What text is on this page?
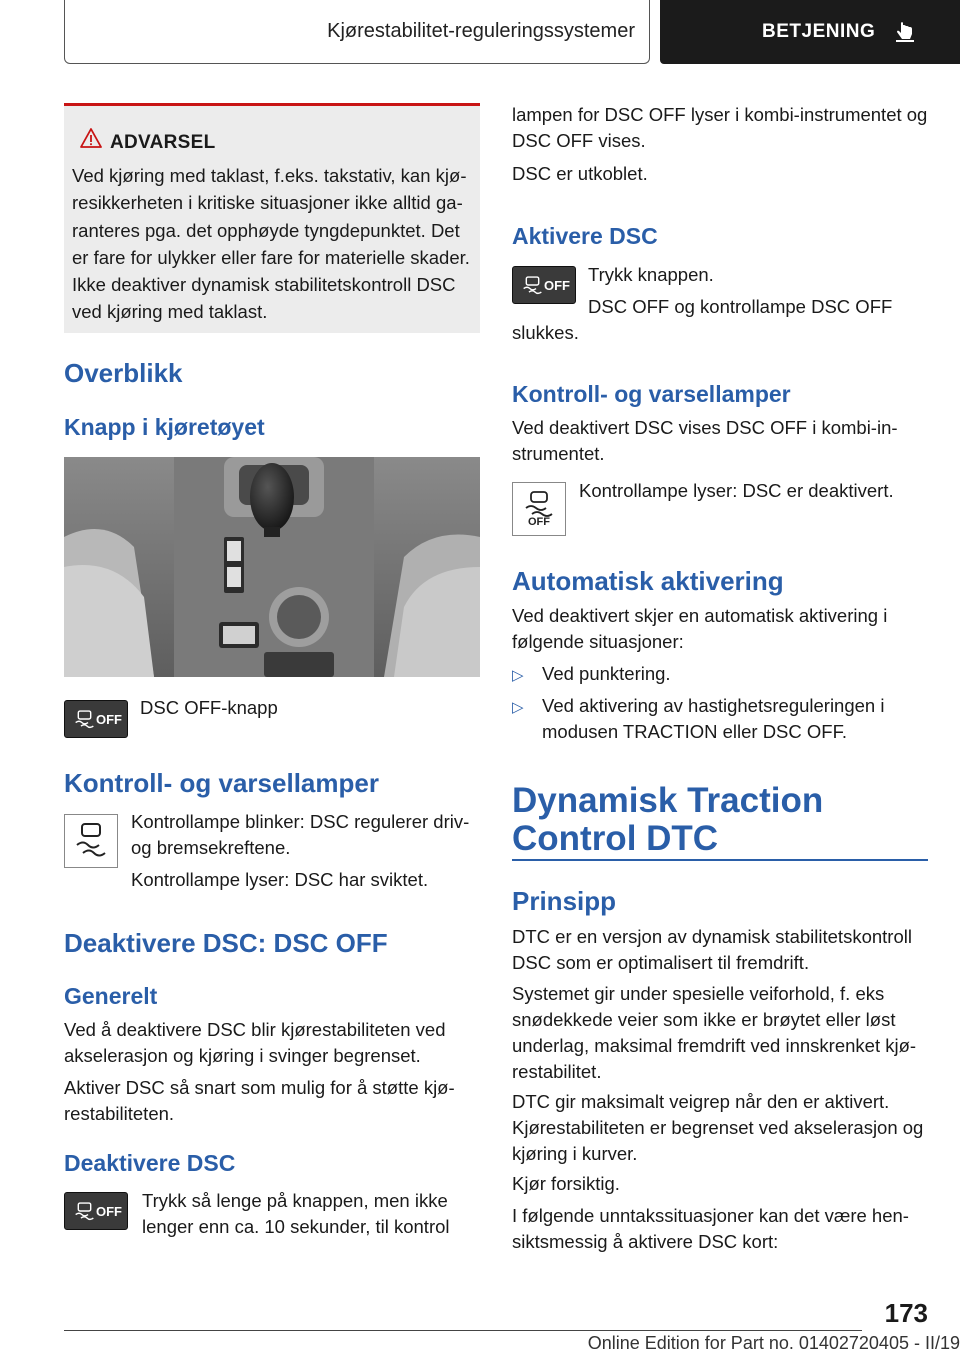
Kjørestabilitet-reguleringssystemer	BETJENING
ADVARSEL

Ved kjøring med taklast, f.eks. takstativ, kan kjøresikkerheten i kritiske situasjoner ikke alltid garanteres pga. det opphøyde tyngdepunktet. Det er fare for ulykker eller fare for materielle skader. Ikke deaktiver dynamisk stabilitetskontroll DSC ved kjøring med taklast.

Overblikk
Knapp i kjøretøyet
OFF
DSC OFF-knapp
Kontroll- og varsellamper

Kontrollampe blinker: DSC regulerer driv- og bremsekreftene.

Kontrollampe lyser: DSC har sviktet.

Deaktivere DSC: DSC OFF
Generelt

Ved å deaktivere DSC blir kjørestabiliteten ved akselerasjon og kjøring i svinger begrenset.

Aktiver DSC så snart som mulig for å støtte kjørestabiliteten.

Deaktivere DSC
OFF Trykk så lenge på knappen, men ikke lenger enn ca. 10 sekunder, til kontrol

lampen for DSC OFF lyser i kombi-instrumentet og DSC OFF vises.

DSC er utkoblet.

Aktivere DSC
OFF Trykk knappen.

DSC OFF og kontrollampe DSC OFF slukkes.

Kontroll- og varsellamper

Ved deaktivert DSC vises DSC OFF i kombi-instrumentet.

OFF

Kontrollampe lyser: DSC er deaktivert.

Automatisk aktivering

Ved deaktivert skjer en automatisk aktivering i følgende situasjoner:

▷ Ved punktering.
▷ Ved aktivering av hastighetsreguleringen i modusen TRACTION eller DSC OFF.
Dynamisk Traction Control DTC
Prinsipp

DTC er en versjon av dynamisk stabilitetskontroll DSC som er optimalisert til fremdrift.

Systemet gir under spesielle veiforhold, f. eks snødekkede veier som ikke er brøytet eller løst underlag, maksimal fremdrift ved innskrenket kjørestabilitet.

DTC gir maksimalt veigrep når den er aktivert. Kjørestabiliteten er begrenset ved akselerasjon og kjøring i kurver.

Kjør forsiktig.

I følgende unntakssituasjoner kan det være hensiktsmessig å aktivere DSC kort:

173
Online Edition for Part no. 01402720405 - II/19
